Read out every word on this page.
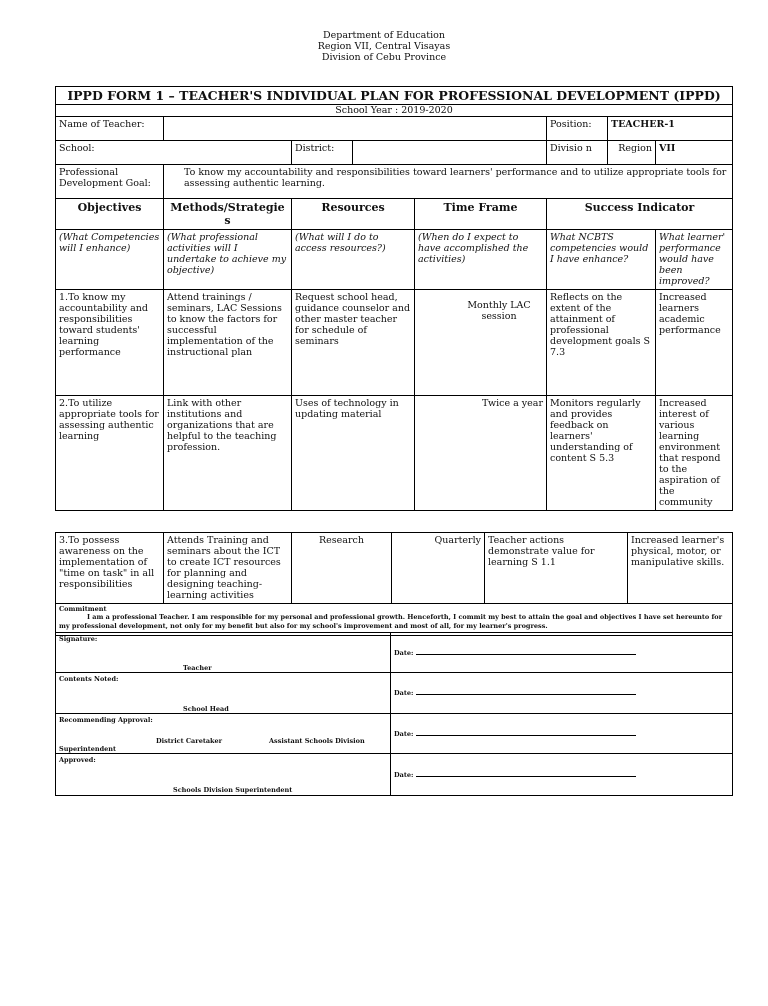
Department of Education
Region VII, Central Visayas
Division of Cebu Province
IPPD FORM 1 – TEACHER'S INDIVIDUAL PLAN FOR PROFESSIONAL DEVELOPMENT (IPPD)							
School Year : 2019-2020							
Name of Teacher:					Position:	TEACHER-1	
School:		District:			Divisio n	Region	VII
Professional Development Goal:	To know my accountability and responsibilities toward learners' performance and to utilize appropriate tools for assessing authentic learning.						
Objectives	Methods/Strategie s	Resources		Time Frame	Success Indicator		
(What Competencies will I enhance)	(What professional activities will I undertake to achieve my objective)	(What will I do to access resources?)		(When do I expect to have accomplished the activities)	What NCBTS competencies would I have enhance?		What learner' performance would have been improved?
1.To know my accountability and responsibilities toward students' learning performance	Attend trainings / seminars, LAC Sessions to know the factors for successful implementation of the instructional plan	Request school head, guidance counselor and other master teacher for schedule of seminars		Monthly LAC session	Reflects on the extent of the attainment of professional development goals S 7.3		Increased learners academic performance
2.To utilize appropriate tools for assessing authentic learning	Link with other institutions and organizations that are helpful to the teaching profession.	Uses of technology in updating material		Twice a year	Monitors regularly and provides feedback on learners' understanding of content S 5.3		Increased interest of various learning environment that respond to the aspiration of the community
3.To possess awareness on the implementation of "time on task" in all responsibilities	Attends Training and seminars about the ICT to create ICT resources for planning and designing teaching-learning activities	Research	Quarterly	Teacher actions demonstrate value for learning S 1.1	Increased learner's physical, motor, or manipulative skills.

Commitment
I am a professional Teacher. I am responsible for my personal and professional growth. Henceforth, I commit my best to attain the goal and objectives I have set hereunto for my professional development, not only for my benefit but also for my school's improvement and most of all, for my learner's progress.
Signature:
Teacher	Date:

Contents Noted:
School Head	Date:

Recommending Approval:
District Caretaker Assistant Schools Division
Superintendent	Date:

Approved:
Schools Division Superintendent	Date:
